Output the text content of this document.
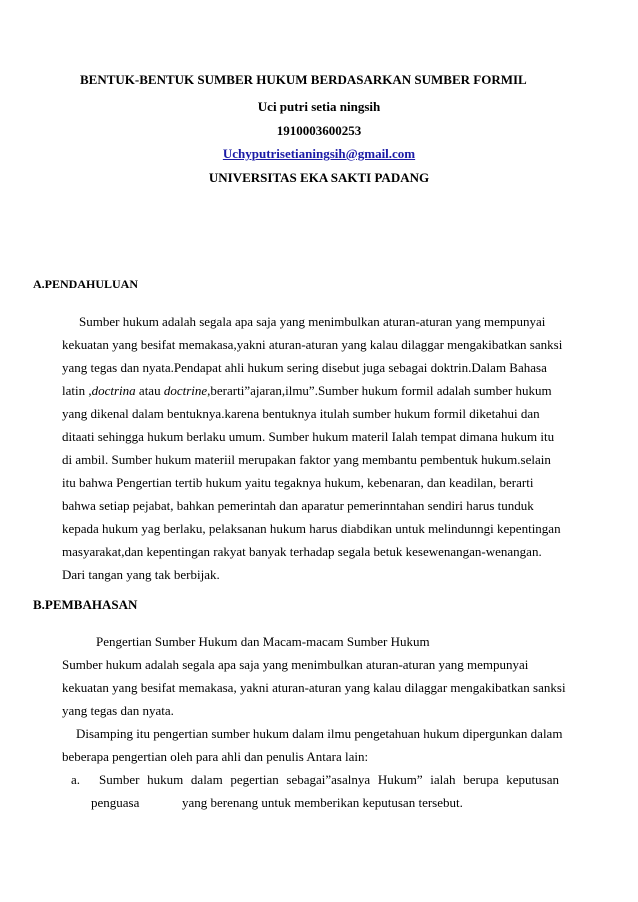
BENTUK-BENTUK SUMBER HUKUM BERDASARKAN SUMBER FORMIL
Uci putri setia ningsih
1910003600253
Uchyputrisetianingsih@gmail.com
UNIVERSITAS EKA SAKTI PADANG
A.PENDAHULUAN
Sumber hukum adalah segala apa saja yang menimbulkan aturan-aturan yang mempunyai
kekuatan yang besifat memakasa,yakni aturan-aturan yang kalau dilaggar mengakibatkan sanksi
yang tegas dan nyata.Pendapat ahli hukum sering disebut juga sebagai doktrin.Dalam Bahasa
latin ,doctrina atau doctrine,berarti”ajaran,ilmu”.Sumber hukum formil adalah sumber hukum
yang dikenal dalam bentuknya.karena bentuknya itulah sumber hukum formil diketahui dan
ditaati sehingga hukum berlaku umum. Sumber hukum materil Ialah tempat dimana hukum itu
di ambil. Sumber hukum materiil merupakan faktor yang membantu pembentuk hukum.selain
itu bahwa Pengertian tertib hukum yaitu tegaknya hukum, kebenaran, dan keadilan, berarti
bahwa setiap pejabat, bahkan pemerintah dan aparatur pemerinntahan sendiri harus tunduk
kepada hukum yag berlaku, pelaksanan hukum harus diabdikan untuk melindunngi kepentingan
masyarakat,dan kepentingan rakyat banyak terhadap segala betuk kesewenangan-wenangan.
Dari tangan yang tak berbijak.
B.PEMBAHASAN
Pengertian Sumber Hukum dan Macam-macam Sumber Hukum
Sumber hukum adalah segala apa saja yang menimbulkan aturan-aturan yang mempunyai
kekuatan yang besifat memakasa, yakni aturan-aturan yang kalau dilaggar mengakibatkan sanksi
yang tegas dan nyata.
Disamping itu pengertian sumber hukum dalam ilmu pengetahuan hukum dipergunkan dalam
beberapa pengertian oleh para ahli dan penulis Antara lain:
a. Sumber hukum dalam pegertian sebagai”asalnya Hukum” ialah berupa keputusan
penguasa	yang berenang untuk memberikan keputusan tersebut.
